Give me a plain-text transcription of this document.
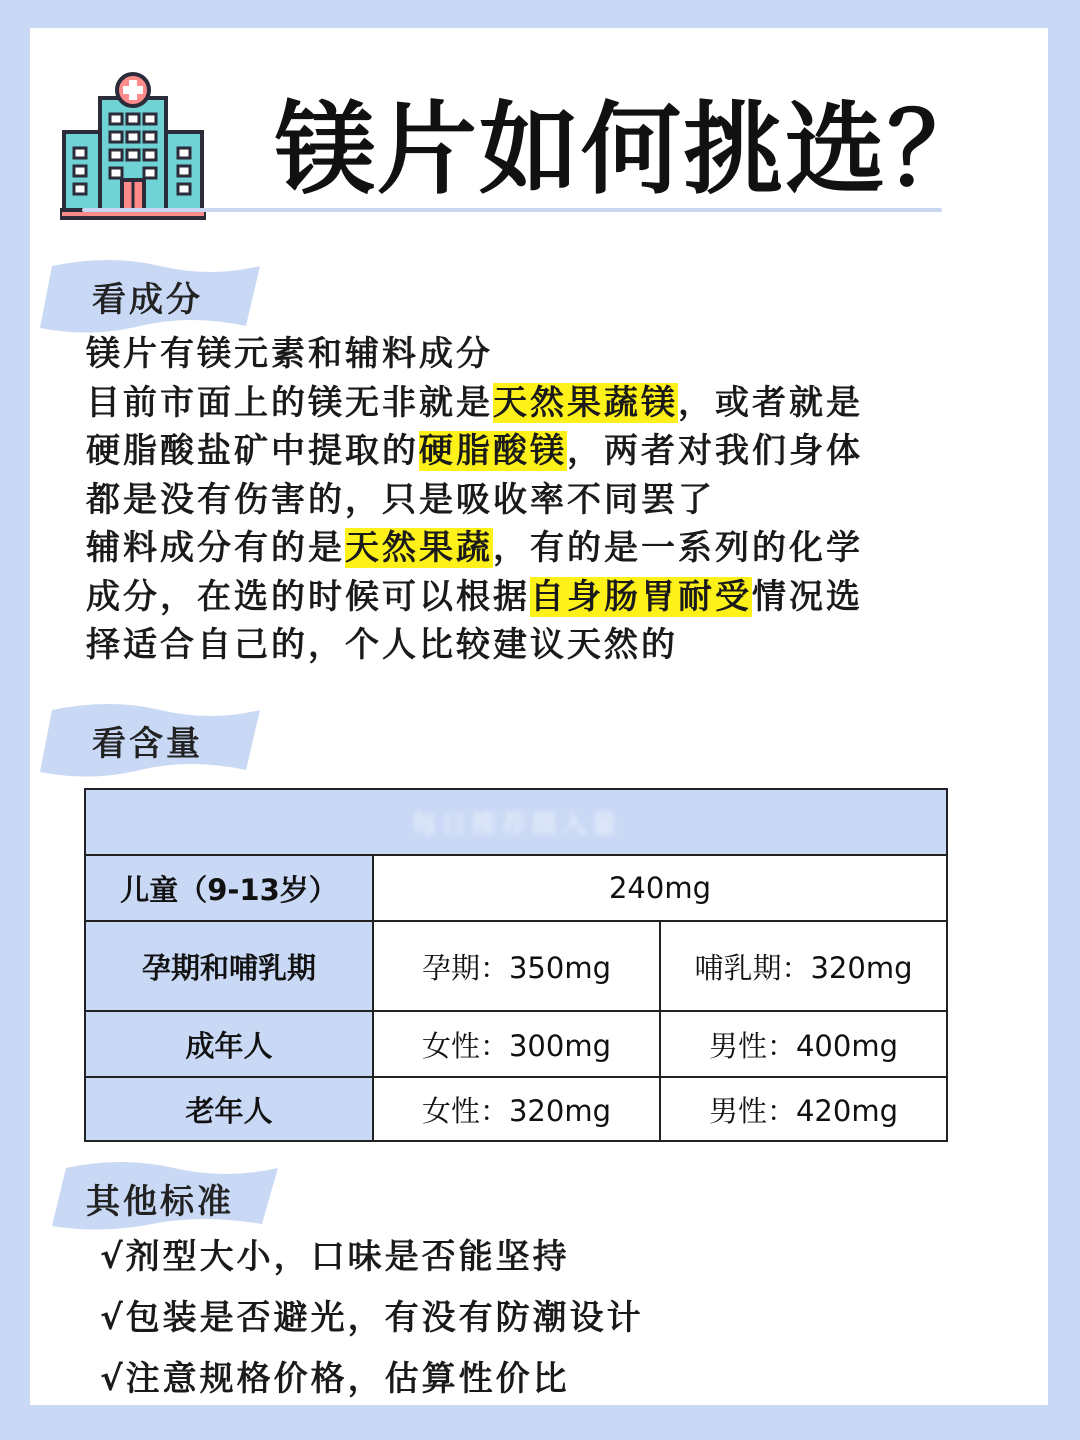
镁片如何挑选？
看成分
镁片有镁元素和辅料成分
目前市面上的镁无非就是天然果蔬镁，或者就是
硬脂酸盐矿中提取的硬脂酸镁，两者对我们身体
都是没有伤害的，只是吸收率不同罢了
辅料成分有的是天然果蔬，有的是一系列的化学
成分，在选的时候可以根据自身肠胃耐受情况选
择适合自己的，个人比较建议天然的
看含量
每日推荐摄入量		
儿童（9-13岁）	240mg	
孕期和哺乳期	孕期：350mg	哺乳期：320mg
成年人	女性：300mg	男性：400mg
老年人	女性：320mg	男性：420mg
其他标准
√剂型大小，口味是否能坚持
√包装是否避光，有没有防潮设计
√注意规格价格，估算性价比
